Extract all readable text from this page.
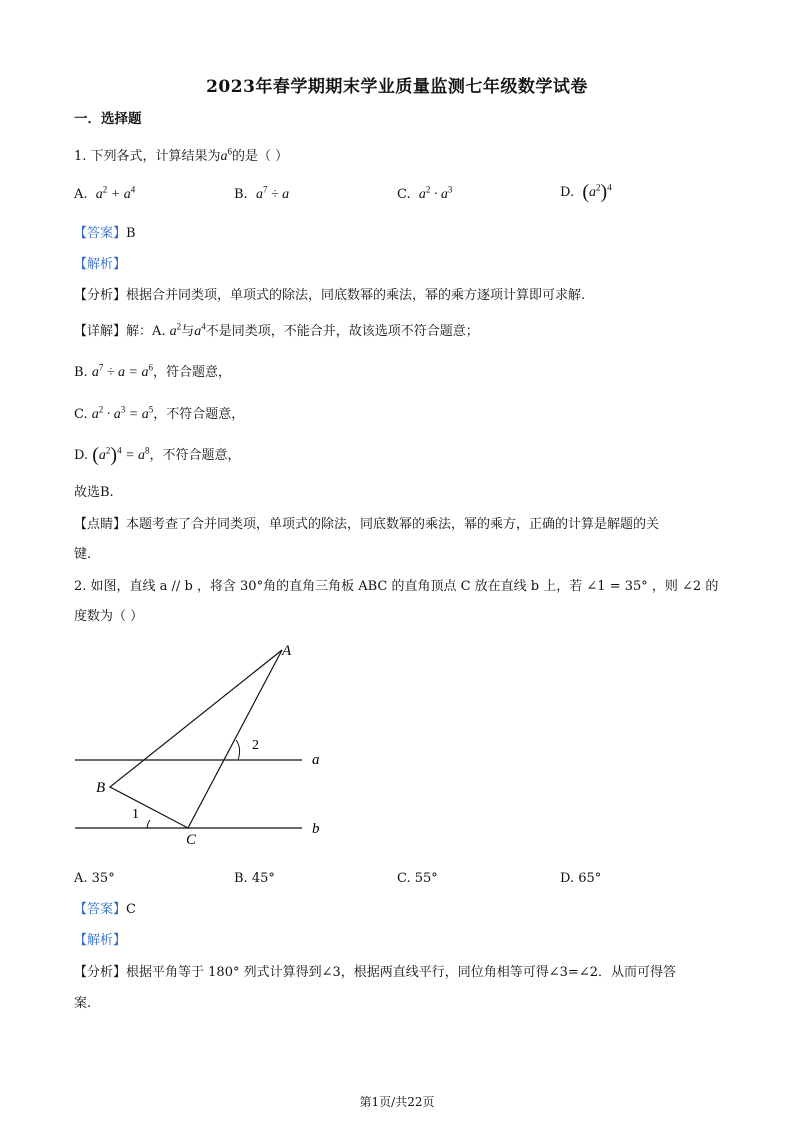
2023年春学期期末学业质量监测七年级数学试卷
一．选择题
1. 下列各式，计算结果为$a^6$的是（ ）
A. $a^2 + a^4$	B. $a^7 \div a$	C. $a^2 \cdot a^3$	D. $(a^2)^4$
【答案】B
【解析】
【分析】根据合并同类项，单项式的除法，同底数幂的乘法，幂的乘方逐项计算即可求解.
【详解】解：A. $a^2$与$a^4$不是同类项，不能合并，故该选项不符合题意；
B. $a^7 \div a = a^6$，符合题意，
C. $a^2 \cdot a^3 = a^5$，不符合题意，
D. $(a^2)^4 = a^8$，不符合题意，
故选B.
【点睛】本题考查了合并同类项，单项式的除法，同底数幂的乘法，幂的乘方，正确的计算是解题的关
键.
2. 如图，直线 a // b ，将含 30°角的直角三角板 ABC 的直角顶点 C 放在直线 b 上，若 ∠1 = 35° ，则 ∠2 的
度数为（ ）
A
B
C
a
b
1
2
A. 35°	B. 45°	C. 55°	D. 65°
【答案】C
【解析】
【分析】根据平角等于 180° 列式计算得到∠3，根据两直线平行，同位角相等可得∠3=∠2．从而可得答
案.
第1页/共22页
